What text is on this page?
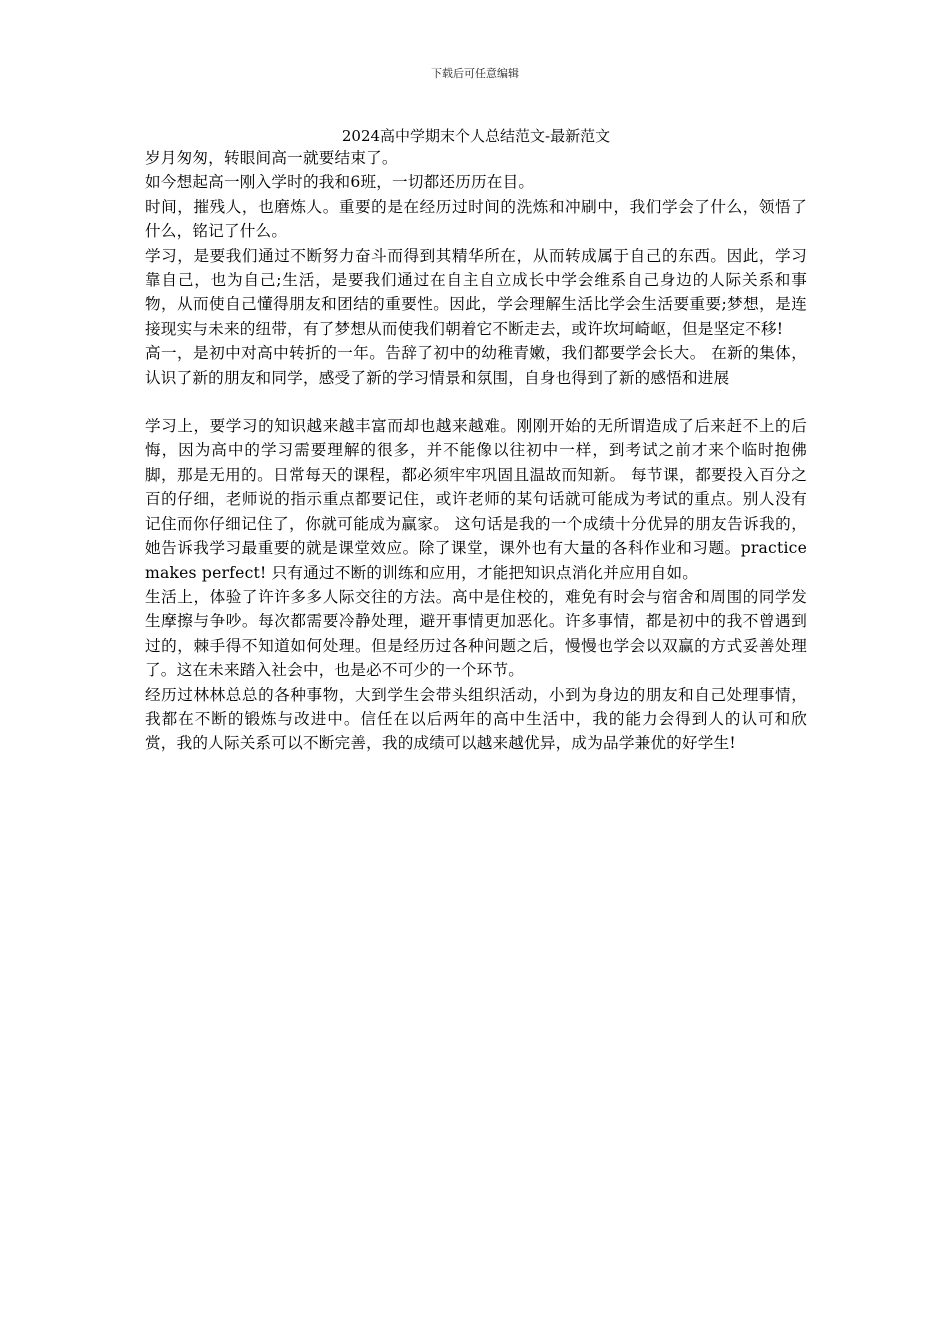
下载后可任意编辑
2024高中学期末个人总结范文-最新范文

岁月匆匆，转眼间高一就要结束了。

如今想起高一刚入学时的我和6班，一切都还历历在目。

时间，摧残人，也磨炼人。重要的是在经历过时间的洗炼和冲刷中，我们学会了什么，领悟了什么，铭记了什么。

学习，是要我们通过不断努力奋斗而得到其精华所在，从而转成属于自己的东西。因此，学习靠自己，也为自己;生活，是要我们通过在自主自立成长中学会维系自己身边的人际关系和事物，从而使自己懂得朋友和团结的重要性。因此，学会理解生活比学会生活要重要;梦想，是连接现实与未来的纽带，有了梦想从而使我们朝着它不断走去，或许坎坷崎岖，但是坚定不移!

高一，是初中对高中转折的一年。告辞了初中的幼稚青嫩，我们都要学会长大。 在新的集体，认识了新的朋友和同学，感受了新的学习情景和氛围，自身也得到了新的感悟和进展

学习上，要学习的知识越来越丰富而却也越来越难。刚刚开始的无所谓造成了后来赶不上的后悔，因为高中的学习需要理解的很多，并不能像以往初中一样，到考试之前才来个临时抱佛脚，那是无用的。日常每天的课程，都必须牢牢巩固且温故而知新。 每节课，都要投入百分之百的仔细，老师说的指示重点都要记住，或许老师的某句话就可能成为考试的重点。别人没有记住而你仔细记住了，你就可能成为赢家。 这句话是我的一个成绩十分优异的朋友告诉我的，她告诉我学习最重要的就是课堂效应。除了课堂，课外也有大量的各科作业和习题。practice makes perfect! 只有通过不断的训练和应用，才能把知识点消化并应用自如。

生活上，体验了许许多多人际交往的方法。高中是住校的，难免有时会与宿舍和周围的同学发生摩擦与争吵。每次都需要冷静处理，避开事情更加恶化。许多事情，都是初中的我不曾遇到过的，棘手得不知道如何处理。但是经历过各种问题之后，慢慢也学会以双赢的方式妥善处理了。这在未来踏入社会中，也是必不可少的一个环节。

经历过林林总总的各种事物，大到学生会带头组织活动，小到为身边的朋友和自己处理事情，我都在不断的锻炼与改进中。信任在以后两年的高中生活中，我的能力会得到人的认可和欣赏，我的人际关系可以不断完善，我的成绩可以越来越优异，成为品学兼优的好学生!
